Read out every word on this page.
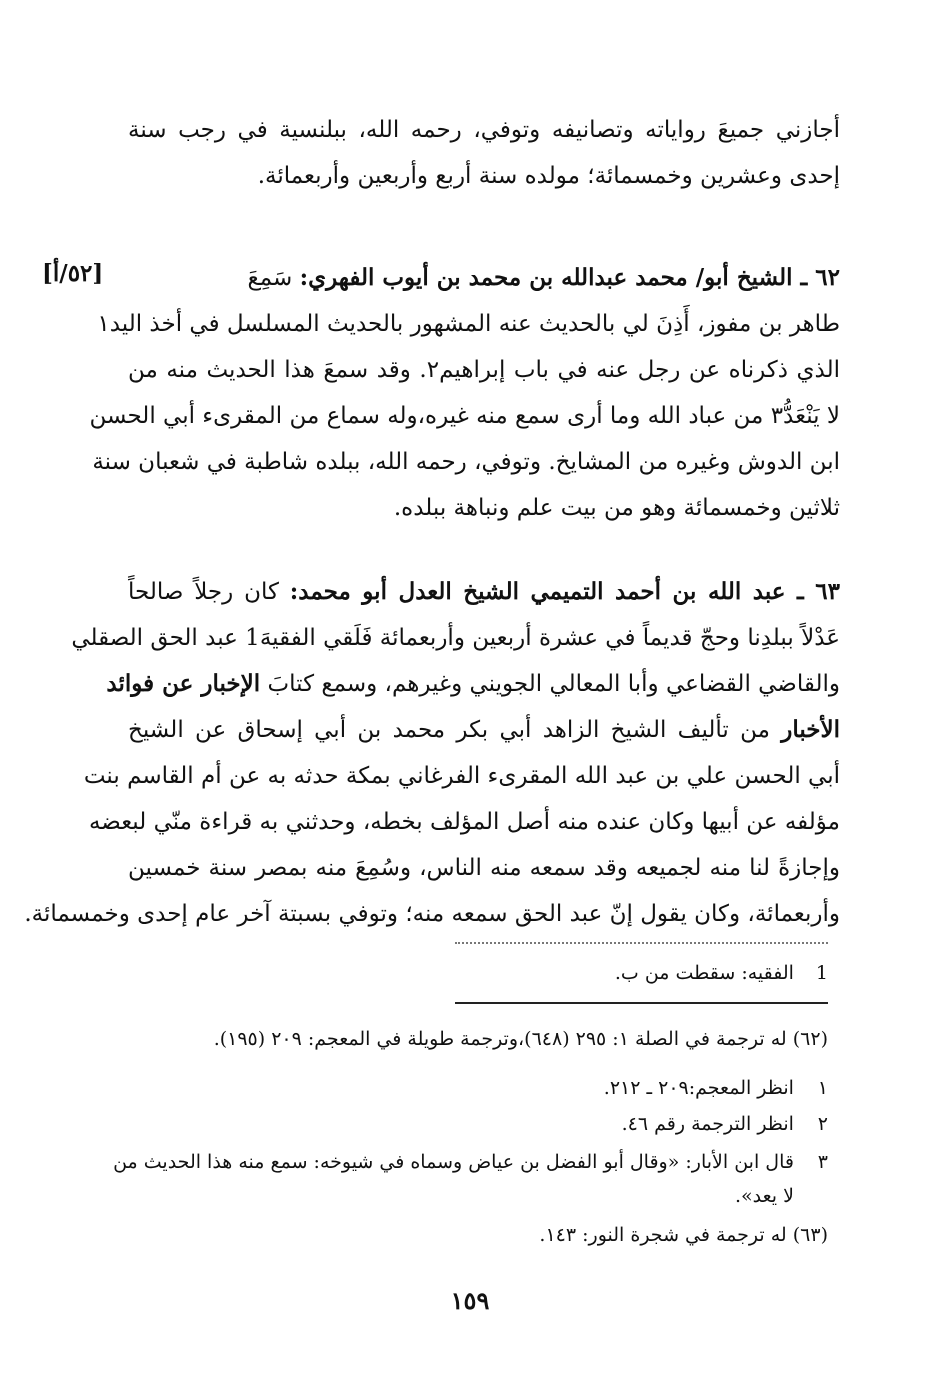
أجازني جميعَ رواياته وتصانيفه وتوفي، رحمه الله، ببلنسية في رجب سنة
إحدى وعشرين وخمسمائة؛ مولده سنة أربع وأربعين وأربعمائة.
[٥٢/أ]	٦٢ ـ الشيخ أبو/ محمد عبدالله بن محمد بن أيوب الفهري: سَمِعَ
طاهر بن مفوز، أَذِنَ لي بالحديث عنه المشهور بالحديث المسلسل في أخذ اليد١
الذي ذكرناه عن رجل عنه في باب إبراهيم٢. وقد سمعَ هذا الحديث منه من
لا يَنْعَدُّ٣ من عباد الله وما أرى سمع منه غيره،وله سماع من المقرىء أبي الحسن
ابن الدوش وغيره من المشايخ. وتوفي، رحمه الله، ببلده شاطبة في شعبان سنة
ثلاثين وخمسمائة وهو من بيت علم ونباهة ببلده.
٦٣ ـ عبد الله بن أحمد التميمي الشيخ العدل أبو محمد: كان رجلاً صالحاً
عَدْلاً ببلدِنا وحجّ قديماً في عشرة أربعين وأربعمائة فَلَقي الفقيهَ1 عبد الحق الصقلي
والقاضي القضاعي وأبا المعالي الجويني وغيرهم، وسمع كتابَ الإخبار عن فوائد
الأخبار من تأليف الشيخ الزاهد أبي بكر محمد بن أبي إسحاق عن الشيخ
أبي الحسن علي بن عبد الله المقرىء الفرغاني بمكة حدثه به عن أم القاسم بنت
مؤلفه عن أبيها وكان عنده منه أصل المؤلف بخطه، وحدثني به قراءة منّي لبعضه
وإجازةً لنا منه لجميعه وقد سمعه منه الناس، وسُمِعَ منه بمصر سنة خمسين
وأربعمائة، وكان يقول إنّ عبد الحق سمعه منه؛ وتوفي بسبتة آخر عام إحدى وخمسمائة.
1 الفقيه: سقطت من ب.
(٦٢) له ترجمة في الصلة ١: ٢٩٥ (٦٤٨)،وترجمة طويلة في المعجم: ٢٠٩ (١٩٥).
١ انظر المعجم:٢٠٩ ـ ٢١٢.
٢ انظر الترجمة رقم ٤٦.
٣ قال ابن الأبار: «وقال أبو الفضل بن عياض وسماه في شيوخه: سمع منه هذا الحديث من
لا يعد».
(٦٣) له ترجمة في شجرة النور: ١٤٣.
١٥٩
